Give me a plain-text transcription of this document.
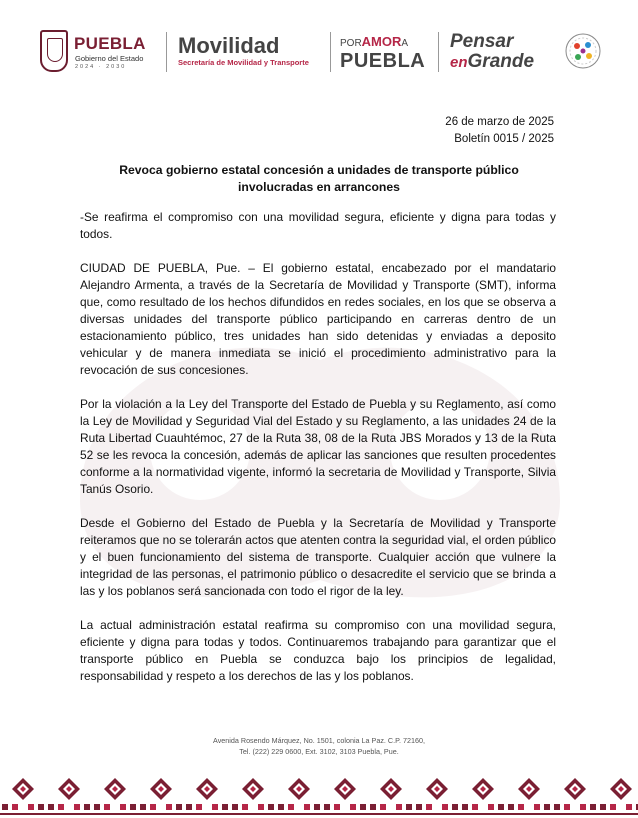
PUEBLA
Gobierno del Estado
2024 · 2030
Movilidad
Secretaría de Movilidad y Transporte
PORAMORA
PUEBLA
Pensar
enGrande
26 de marzo de 2025
Boletín 0015 / 2025
Revoca gobierno estatal concesión a unidades de transporte público involucradas en arrancones

-Se reafirma el compromiso con una movilidad segura, eficiente y digna para todas y todos.

CIUDAD DE PUEBLA, Pue. – El gobierno estatal, encabezado por el mandatario Alejandro Armenta, a través de la Secretaría de Movilidad y Transporte (SMT), informa que, como resultado de los hechos difundidos en redes sociales, en los que se observa a diversas unidades del transporte público participando en carreras dentro de un estacionamiento público, tres unidades han sido detenidas y enviadas a deposito vehicular y de manera inmediata se inició el procedimiento administrativo para la revocación de sus concesiones.

Por la violación a la Ley del Transporte del Estado de Puebla y su Reglamento, así como la Ley de Movilidad y Seguridad Vial del Estado y su Reglamento, a las unidades 24 de la Ruta Libertad Cuauhtémoc, 27 de la Ruta 38, 08 de la Ruta JBS Morados y 13 de la Ruta 52 se les revoca la concesión, además de aplicar las sanciones que resulten procedentes conforme a la normatividad vigente, informó la secretaria de Movilidad y Transporte, Silvia Tanús Osorio.

Desde el Gobierno del Estado de Puebla y la Secretaría de Movilidad y Transporte reiteramos que no se tolerarán actos que atenten contra la seguridad vial, el orden público y el buen funcionamiento del sistema de transporte. Cualquier acción que vulnere la integridad de las personas, el patrimonio público o desacredite el servicio que se brinda a las y los poblanos será sancionada con todo el rigor de la ley.

La actual administración estatal reafirma su compromiso con una movilidad segura, eficiente y digna para todas y todos. Continuaremos trabajando para garantizar que el transporte público en Puebla se conduzca bajo los principios de legalidad, responsabilidad y respeto a los derechos de las y los poblanos.

Avenida Rosendo Márquez, No. 1501, colonia La Paz. C.P. 72160,
Tel. (222) 229 0600, Ext. 3102, 3103 Puebla, Pue.
